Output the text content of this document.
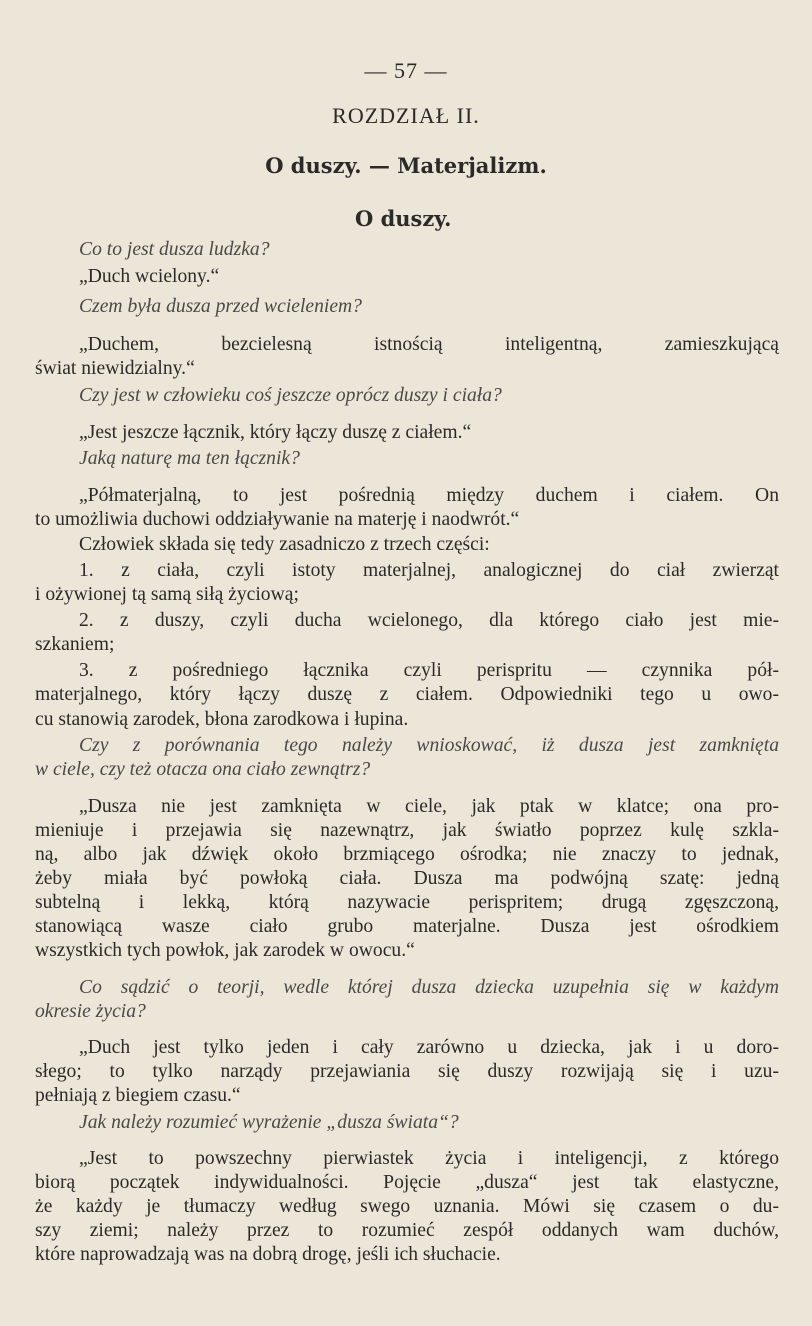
— 57 —
ROZDZIAŁ II.
O duszy. — Materjalizm.
O duszy.
Co to jest dusza ludzka?
„Duch wcielony.“
Czem była dusza przed wcieleniem?
„Duchem, bezcielesną istnością inteligentną, zamieszkującą
świat niewidzialny.“
Czy jest w człowieku coś jeszcze oprócz duszy i ciała?
„Jest jeszcze łącznik, który łączy duszę z ciałem.“
Jaką naturę ma ten łącznik?
„Półmaterjalną, to jest pośrednią między duchem i ciałem. On
to umożliwia duchowi oddziaływanie na materję i naodwrót.“
Człowiek składa się tedy zasadniczo z trzech części:
1. z ciała, czyli istoty materjalnej, analogicznej do ciał zwierząt
i ożywionej tą samą siłą życiową;
2. z duszy, czyli ducha wcielonego, dla którego ciało jest mie-
szkaniem;
3. z pośredniego łącznika czyli perispritu — czynnika pół-
materjalnego, który łączy duszę z ciałem. Odpowiedniki tego u owo-
cu stanowią zarodek, błona zarodkowa i łupina.
Czy z porównania tego należy wnioskować, iż dusza jest zamknięta
w ciele, czy też otacza ona ciało zewnątrz?
„Dusza nie jest zamknięta w ciele, jak ptak w klatce; ona pro-
mieniuje i przejawia się nazewnątrz, jak światło poprzez kulę szkla-
ną, albo jak dźwięk około brzmiącego ośrodka; nie znaczy to jednak,
żeby miała być powłoką ciała. Dusza ma podwójną szatę: jedną
subtelną i lekką, którą nazywacie perispritem; drugą zgęszczoną,
stanowiącą wasze ciało grubo materjalne. Dusza jest ośrodkiem
wszystkich tych powłok, jak zarodek w owocu.“
Co sądzić o teorji, wedle której dusza dziecka uzupełnia się w każdym
okresie życia?
„Duch jest tylko jeden i cały zarówno u dziecka, jak i u doro-
słego; to tylko narządy przejawiania się duszy rozwijają się i uzu-
pełniają z biegiem czasu.“
Jak należy rozumieć wyrażenie „dusza świata“?
„Jest to powszechny pierwiastek życia i inteligencji, z którego
biorą początek indywidualności. Pojęcie „dusza“ jest tak elastyczne,
że każdy je tłumaczy według swego uznania. Mówi się czasem o du-
szy ziemi; należy przez to rozumieć zespół oddanych wam duchów,
które naprowadzają was na dobrą drogę, jeśli ich słuchacie.
